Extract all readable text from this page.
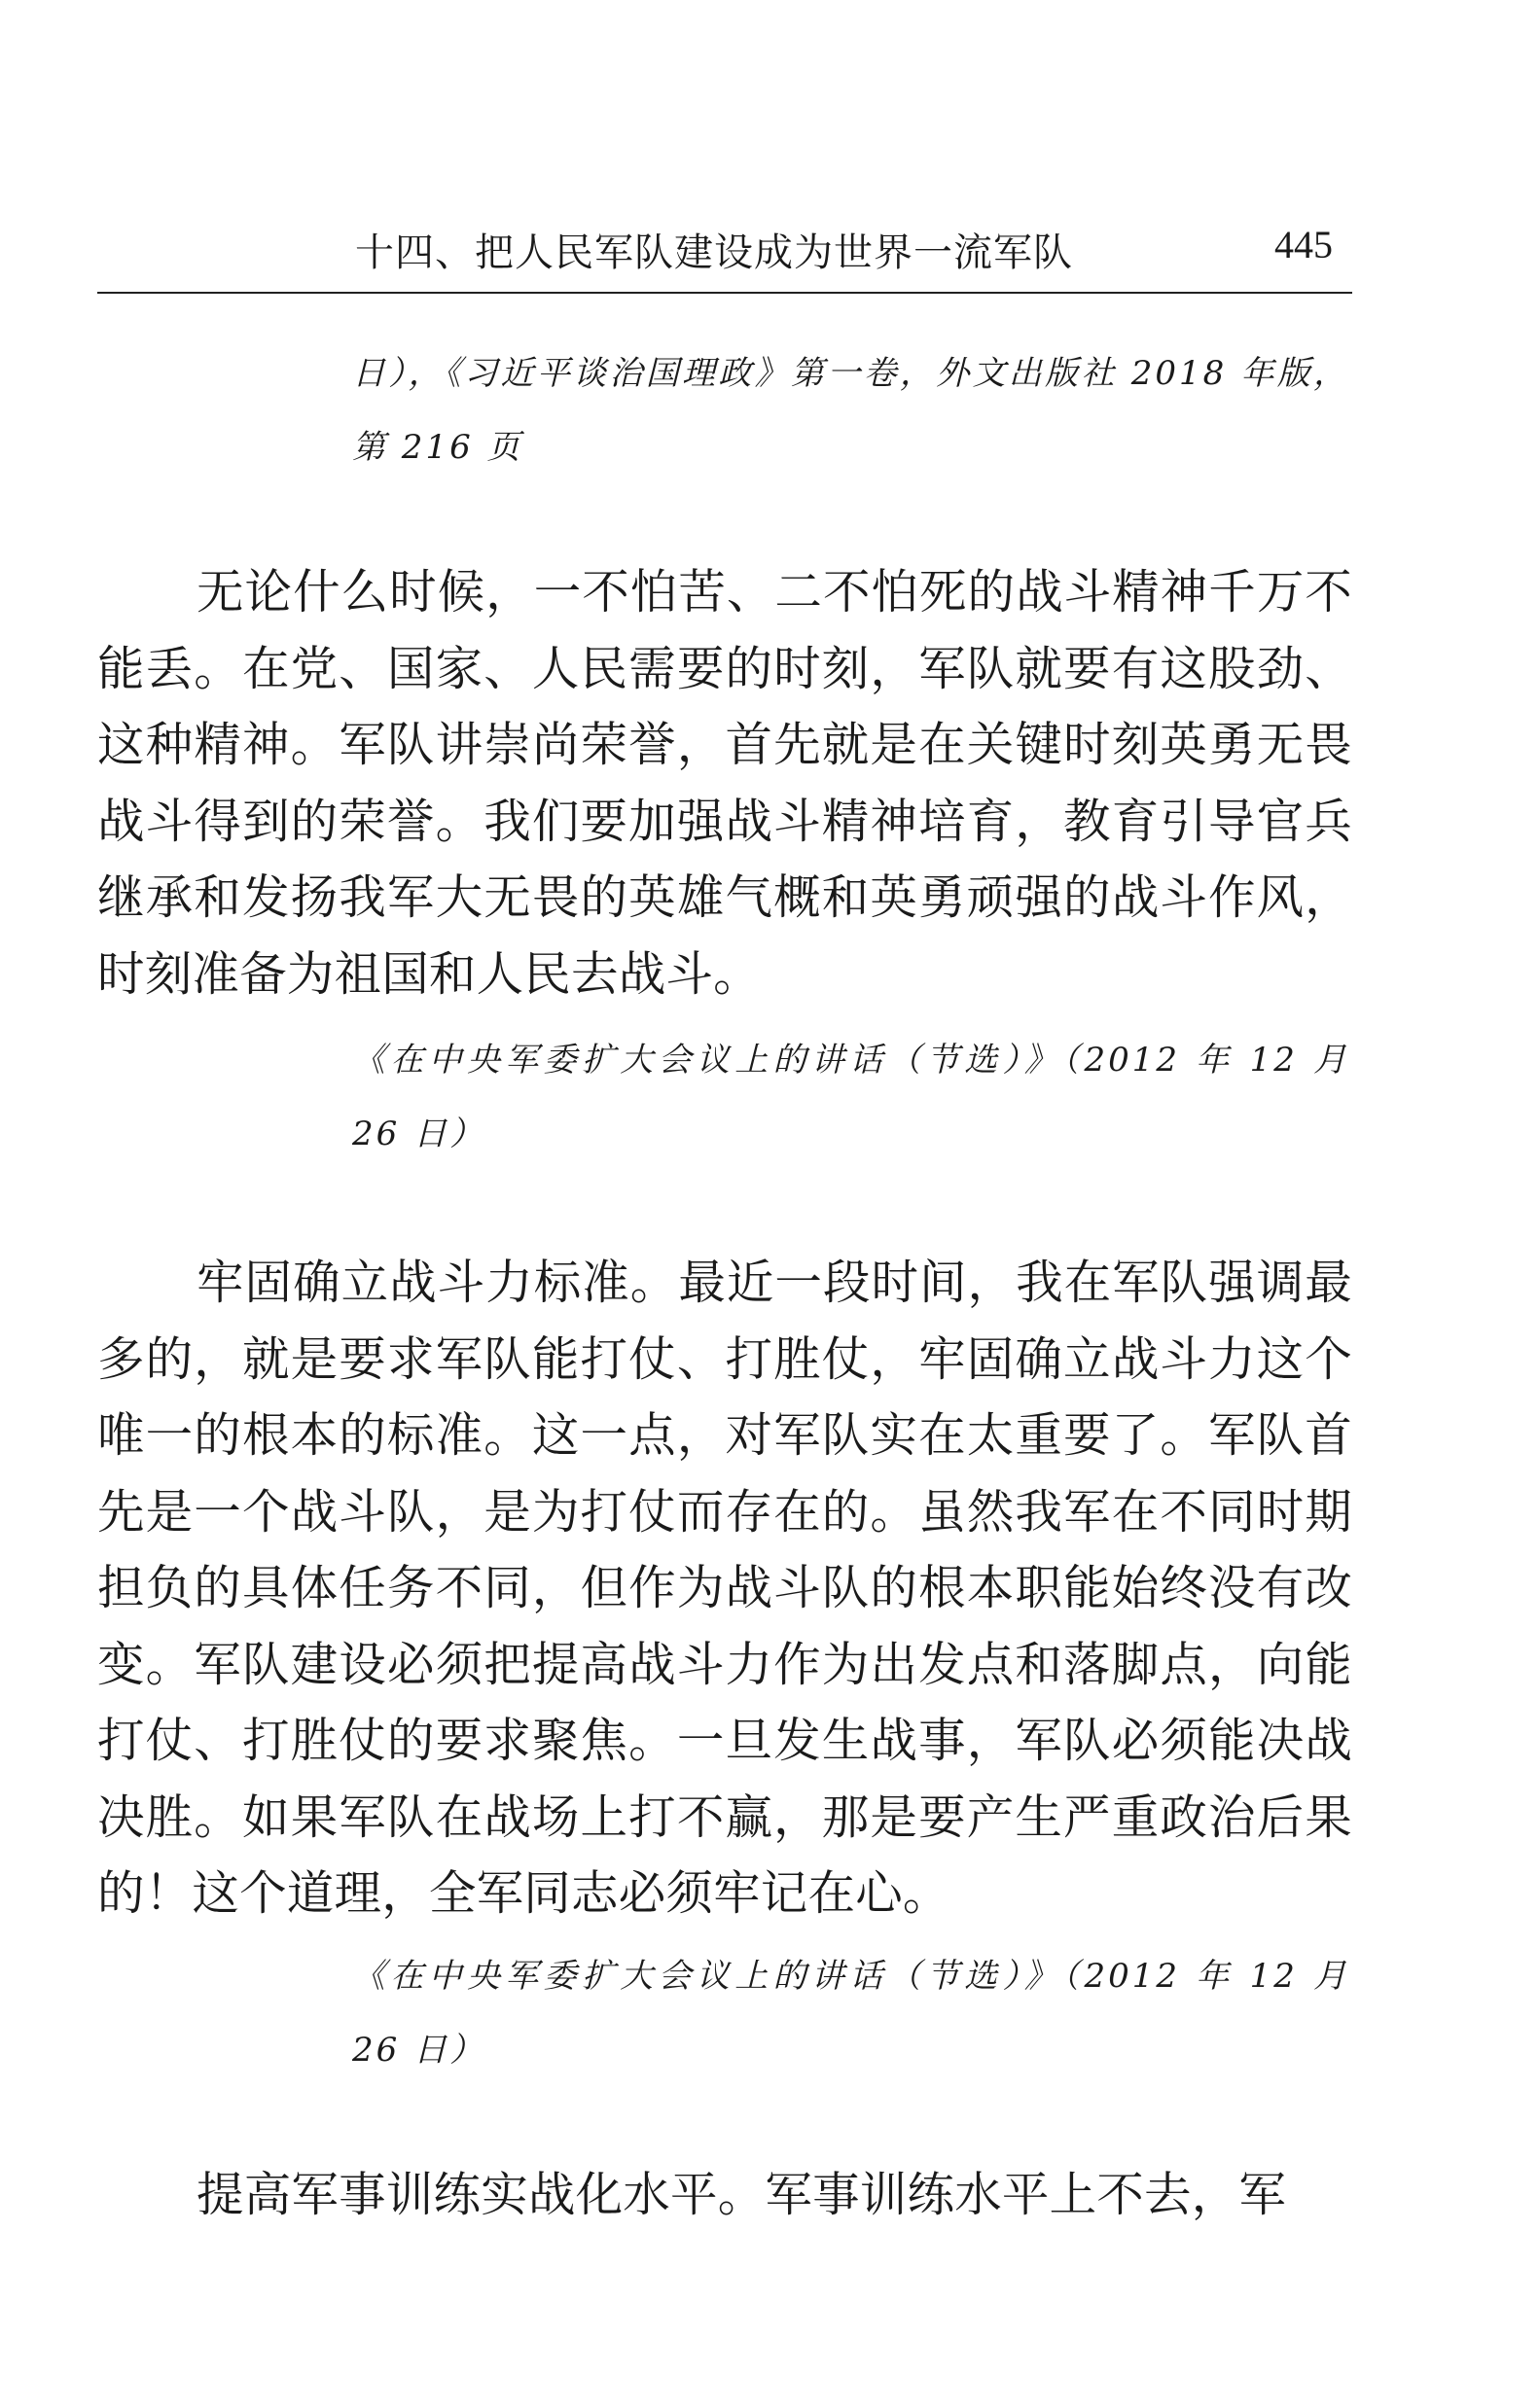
十四、把人民军队建设成为世界一流军队	445
日），《习近平谈治国理政》第一卷，外文出版社 2018 年版，第 216 页
无论什么时候，一不怕苦、二不怕死的战斗精神千万不能丢。在党、国家、人民需要的时刻，军队就要有这股劲、这种精神。军队讲崇尚荣誉，首先就是在关键时刻英勇无畏战斗得到的荣誉。我们要加强战斗精神培育，教育引导官兵继承和发扬我军大无畏的英雄气概和英勇顽强的战斗作风，时刻准备为祖国和人民去战斗。
《在中央军委扩大会议上的讲话（节选）》（2012 年 12 月 26 日）
牢固确立战斗力标准。最近一段时间，我在军队强调最多的，就是要求军队能打仗、打胜仗，牢固确立战斗力这个唯一的根本的标准。这一点，对军队实在太重要了。军队首先是一个战斗队，是为打仗而存在的。虽然我军在不同时期担负的具体任务不同，但作为战斗队的根本职能始终没有改变。军队建设必须把提高战斗力作为出发点和落脚点，向能打仗、打胜仗的要求聚焦。一旦发生战事，军队必须能决战决胜。如果军队在战场上打不赢，那是要产生严重政治后果的！这个道理，全军同志必须牢记在心。
《在中央军委扩大会议上的讲话（节选）》（2012 年 12 月 26 日）
提高军事训练实战化水平。军事训练水平上不去，军
